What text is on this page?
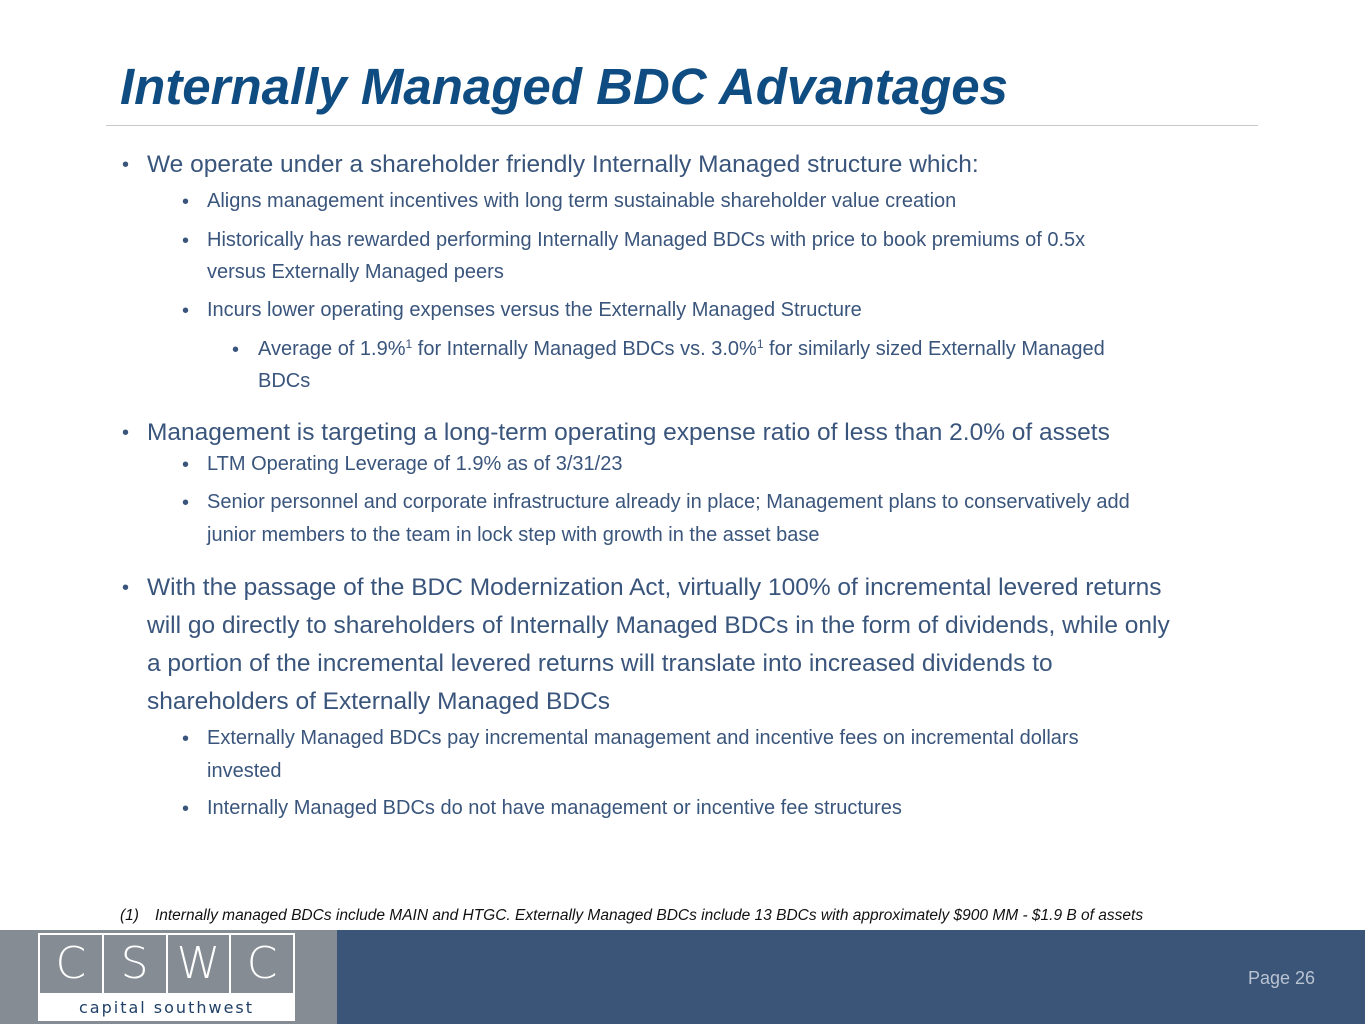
Internally Managed BDC Advantages
• We operate under a shareholder friendly Internally Managed structure which:
• Aligns management incentives with long term sustainable shareholder value creation
• Historically has rewarded performing Internally Managed BDCs with price to book premiums of 0.5x
versus Externally Managed peers
• Incurs lower operating expenses versus the Externally Managed Structure
• Average of 1.9%$^1$ for Internally Managed BDCs vs. 3.0%$^1$ for similarly sized Externally Managed
BDCs
• Management is targeting a long-term operating expense ratio of less than 2.0% of assets
• LTM Operating Leverage of 1.9% as of 3/31/23
• Senior personnel and corporate infrastructure already in place; Management plans to conservatively add
junior members to the team in lock step with growth in the asset base
• With the passage of the BDC Modernization Act, virtually 100% of incremental levered returns
will go directly to shareholders of Internally Managed BDCs in the form of dividends, while only
a portion of the incremental levered returns will translate into increased dividends to
shareholders of Externally Managed BDCs
• Externally Managed BDCs pay incremental management and incentive fees on incremental dollars
invested
• Internally Managed BDCs do not have management or incentive fee structures
(1) Internally managed BDCs include MAIN and HTGC. Externally Managed BDCs include 13 BDCs with approximately $900 MM - $1.9 B of assets
C S W C
capital southwest
Page 26
